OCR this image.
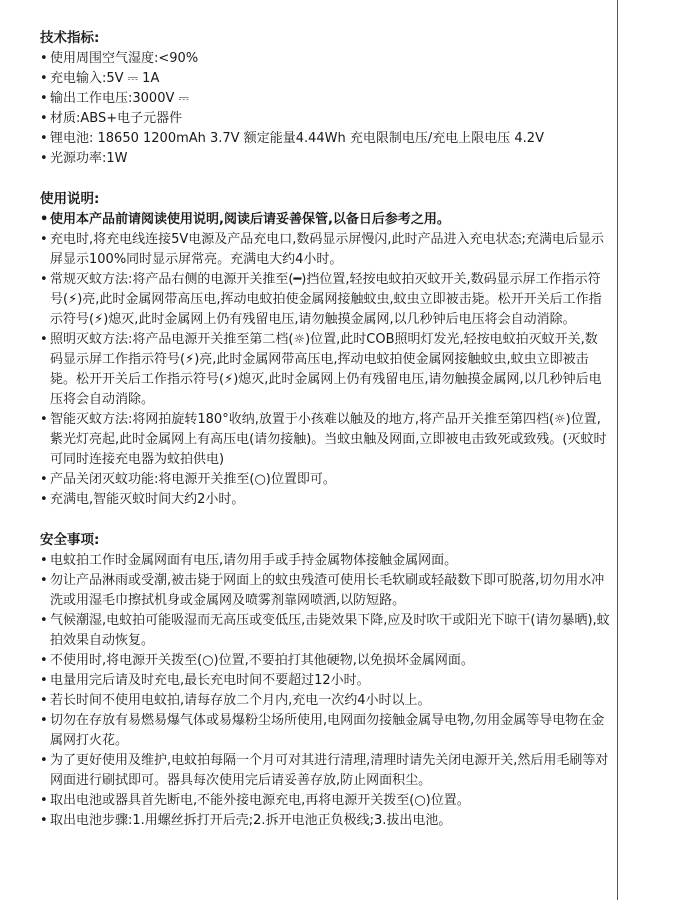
技术指标:
• 使用周围空气湿度:<90%
• 充电输入:5V ⎓ 1A
• 输出工作电压:3000V ⎓
• 材质:ABS+电子元器件
• 锂电池: 18650 1200mAh 3.7V 额定能量4.44Wh 充电限制电压/充电上限电压 4.2V
• 光源功率:1W
使用说明:
• 使用本产品前请阅读使用说明,阅读后请妥善保管,以备日后参考之用。
• 充电时,将充电线连接5V电源及产品充电口,数码显示屏慢闪,此时产品进入充电状态;充满电后显示屏显示100%同时显示屏常亮。充满电大约4小时。
• 常规灭蚊方法:将产品右侧的电源开关推至(━)挡位置,轻按电蚊拍灭蚊开关,数码显示屏工作指示符号(⚡)亮,此时金属网带高压电,挥动电蚊拍使金属网接触蚊虫,蚊虫立即被击毙。松开开关后工作指示符号(⚡)熄灭,此时金属网上仍有残留电压,请勿触摸金属网,以几秒钟后电压将会自动消除。
• 照明灭蚊方法:将产品电源开关推至第二档(☼)位置,此时COB照明灯发光,轻按电蚊拍灭蚊开关,数码显示屏工作指示符号(⚡)亮,此时金属网带高压电,挥动电蚊拍使金属网接触蚊虫,蚊虫立即被击毙。松开开关后工作指示符号(⚡)熄灭,此时金属网上仍有残留电压,请勿触摸金属网,以几秒钟后电压将会自动消除。
• 智能灭蚊方法:将网拍旋转180°收纳,放置于小孩难以触及的地方,将产品开关推至第四档(☼)位置,紫光灯亮起,此时金属网上有高压电(请勿接触)。当蚊虫触及网面,立即被电击致死或致残。(灭蚊时可同时连接充电器为蚊拍供电)
• 产品关闭灭蚊功能:将电源开关推至(○)位置即可。
• 充满电,智能灭蚊时间大约2小时。
安全事项:
• 电蚊拍工作时金属网面有电压,请勿用手或手持金属物体接触金属网面。
• 勿让产品淋雨或受潮,被击毙于网面上的蚊虫残渣可使用长毛软刷或轻敲数下即可脱落,切勿用水冲洗或用湿毛巾擦拭机身或金属网及喷雾剂靠网喷洒,以防短路。
• 气候潮湿,电蚊拍可能吸湿而无高压或变低压,击毙效果下降,应及时吹干或阳光下晾干(请勿暴晒),蚊拍效果自动恢复。
• 不使用时,将电源开关拨至(○)位置,不要拍打其他硬物,以免损坏金属网面。
• 电量用完后请及时充电,最长充电时间不要超过12小时。
• 若长时间不使用电蚊拍,请每存放二个月内,充电一次约4小时以上。
• 切勿在存放有易燃易爆气体或易爆粉尘场所使用,电网面勿接触金属导电物,勿用金属等导电物在金属网打火花。
• 为了更好使用及维护,电蚊拍每隔一个月可对其进行清理,清理时请先关闭电源开关,然后用毛刷等对网面进行刷拭即可。器具每次使用完后请妥善存放,防止网面积尘。
• 取出电池或器具首先断电,不能外接电源充电,再将电源开关拨至(○)位置。
• 取出电池步骤:1.用螺丝拆打开后壳;2.拆开电池正负极线;3.拔出电池。
